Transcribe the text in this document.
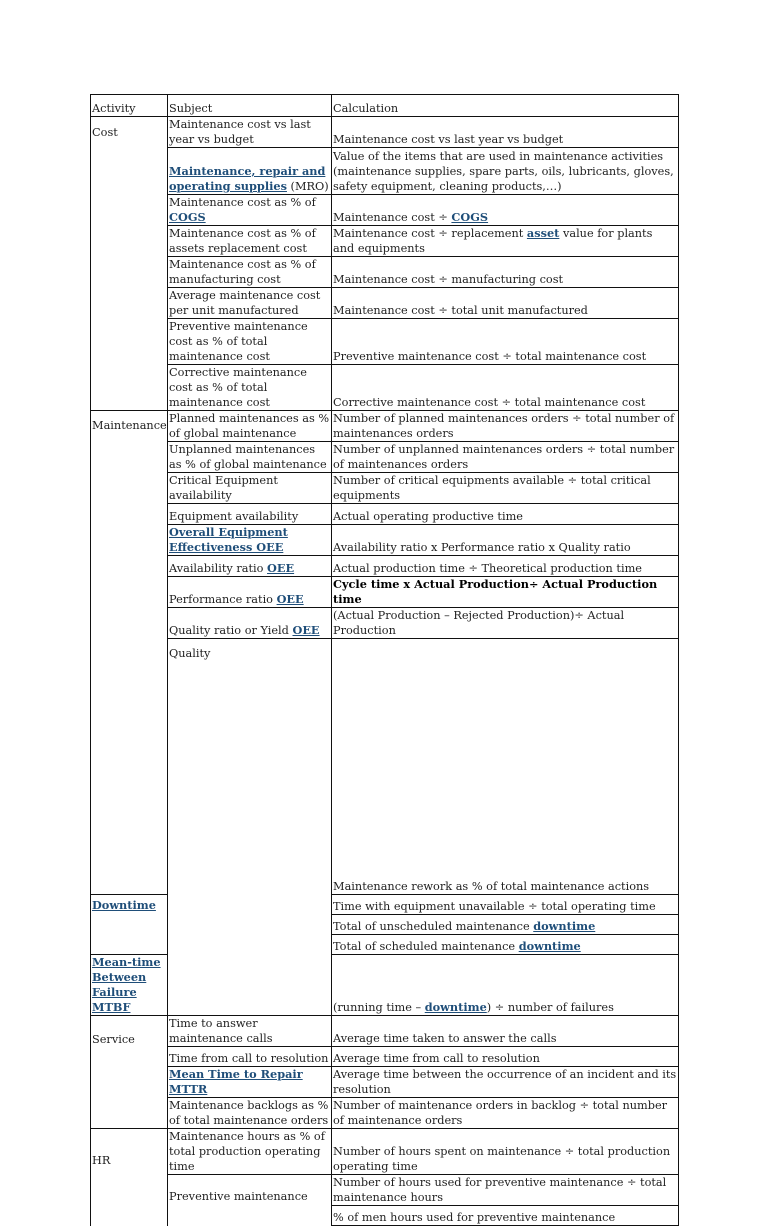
Activity	Subject	Calculation	
Cost	Maintenance cost vs last year vs budget	Maintenance cost vs last year vs budget	
	Maintenance, repair and operating supplies (MRO)	Value of the items that are used in maintenance activities (maintenance supplies, spare parts, oils, lubricants, gloves, safety equipment, cleaning products,…)	
	Maintenance cost as % of COGS	Maintenance cost ÷ COGS	
	Maintenance cost as % of assets replacement cost	Maintenance cost ÷ replacement asset value for plants and equipments	
	Maintenance cost as % of manufacturing cost	Maintenance cost ÷ manufacturing cost	
	Average maintenance cost per unit manufactured	Maintenance cost ÷ total unit manufactured	
	Preventive maintenance cost as % of total maintenance cost	Preventive maintenance cost ÷ total maintenance cost	
	Corrective maintenance cost as % of total maintenance cost	Corrective maintenance cost ÷ total maintenance cost	
Maintenance	Planned maintenances as % of global maintenance	Number of planned maintenances orders ÷ total number of maintenances orders	
	Unplanned maintenances as % of global maintenance	Number of unplanned maintenances orders ÷ total number of maintenances orders	
	Critical Equipment availability	Number of critical equipments available ÷ total critical equipments	
	Equipment availability	Actual operating productive time	
	Overall Equipment Effectiveness OEE	Availability ratio x Performance ratio x Quality ratio	
	Availability ratio OEE	Actual production time ÷ Theoretical production time	
	Performance ratio OEE	Cycle time x Actual Production÷ Actual Production time	
	Quality ratio or Yield OEE	(Actual Production – Rejected Production)÷ Actual Production	
	Quality	Maintenance rework as % of total maintenance actions	
Downtime		Time with equipment unavailable ÷ total operating time	
		Total of unscheduled maintenance downtime	
		Total of scheduled maintenance downtime	
Mean-time Between Failure MTBF		(running time – downtime) ÷ number of failures	
Service	Time to answer maintenance calls	Average time taken to answer the calls	
	Time from call to resolution	Average time from call to resolution	
	Mean Time to Repair MTTR	Average time between the occurrence of an incident and its resolution	
	Maintenance backlogs as % of total maintenance orders	Number of maintenance orders in backlog ÷ total number of maintenance orders	
HR	Maintenance hours as % of total production operating time	Number of hours spent on maintenance ÷ total production operating time	
	Preventive maintenance	Number of hours used for preventive maintenance ÷ total maintenance hours	
		% of men hours used for preventive maintenance	
